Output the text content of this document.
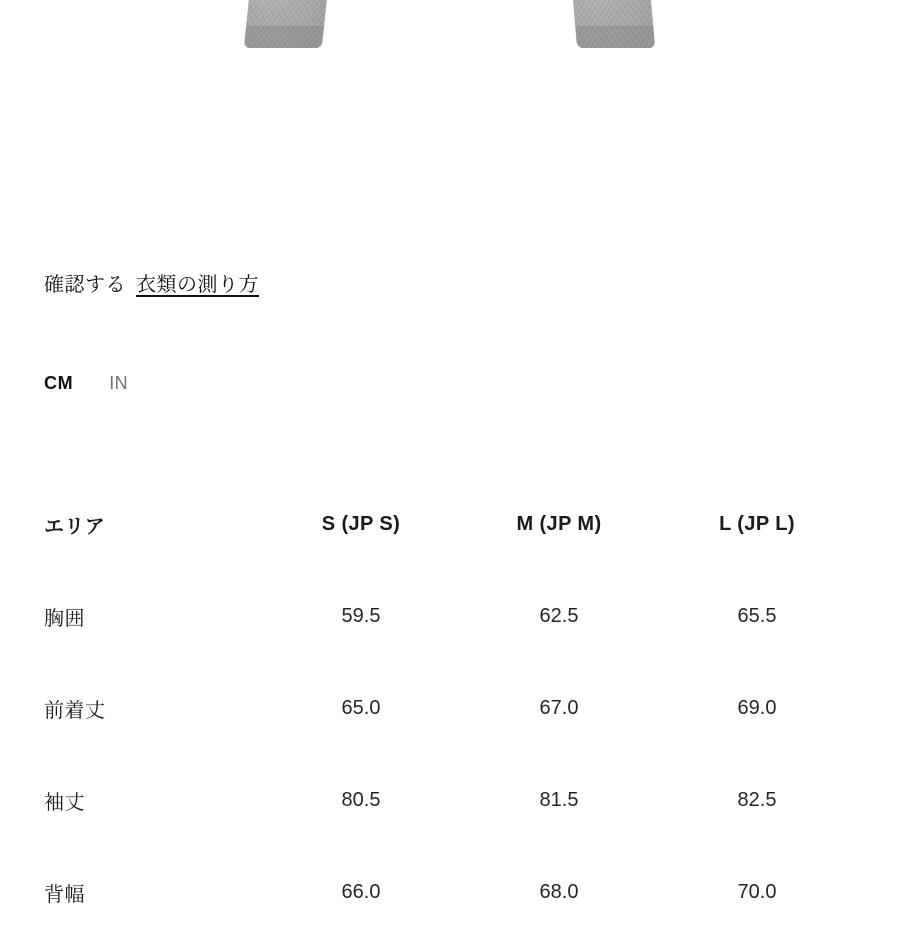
確認する 衣類の測り方
CM IN
エリア	S (JP S)	M (JP M)	L (JP L)
胸囲	59.5	62.5	65.5
前着丈	65.0	67.0	69.0
袖丈	80.5	81.5	82.5
背幅	66.0	68.0	70.0
